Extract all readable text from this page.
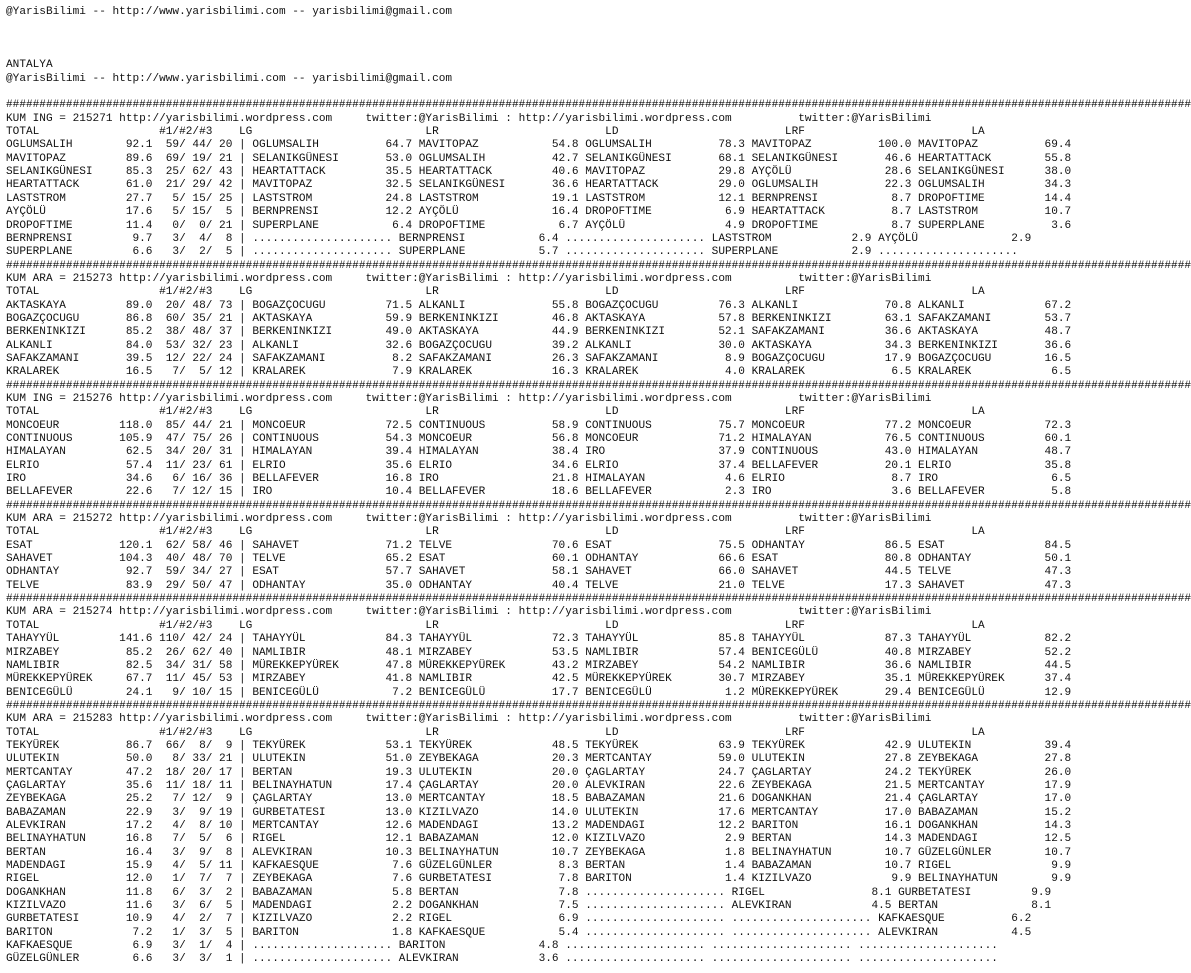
@YarisBilimi -- http://www.yarisbilimi.com -- yarisbilimi@gmail.com
ANTALYA
@YarisBilimi -- http://www.yarisbilimi.com -- yarisbilimi@gmail.com
##################################################################################################################################################################################
KUM ING = 215271 http://yarisbilimi.wordpress.com     twitter:@YarisBilimi : http://yarisbilimi.wordpress.com          twitter:@YarisBilimi
TOTAL                  #1/#2/#3    LG                          LR                         LD                         LRF                         LA
OGLUMSALIH        92.1  59/ 44/ 20 | OGLUMSALIH          64.7 MAVITOPAZ           54.8 OGLUMSALIH          78.3 MAVITOPAZ          100.0 MAVITOPAZ          69.4
MAVITOPAZ         89.6  69/ 19/ 21 | SELANIKGÜNESI       53.0 OGLUMSALIH          42.7 SELANIKGÜNESI       68.1 SELANIKGÜNESI       46.6 HEARTATTACK        55.8
SELANIKGÜNESI     85.3  25/ 62/ 43 | HEARTATTACK         35.5 HEARTATTACK         40.6 MAVITOPAZ           29.8 AYÇÖLÜ              28.6 SELANIKGÜNESI      38.0
HEARTATTACK       61.0  21/ 29/ 42 | MAVITOPAZ           32.5 SELANIKGÜNESI       36.6 HEARTATTACK         29.0 OGLUMSALIH          22.3 OGLUMSALIH         34.3
LASTSTROM         27.7   5/ 15/ 25 | LASTSTROM           24.8 LASTSTROM           19.1 LASTSTROM           12.1 BERNPRENSI           8.7 DROPOFTIME         14.4
AYÇÖLÜ            17.6   5/ 15/  5 | BERNPRENSI          12.2 AYÇÖLÜ              16.4 DROPOFTIME           6.9 HEARTATTACK          8.7 LASTSTROM          10.7
DROPOFTIME        11.4   0/  0/ 21 | SUPERPLANE           6.4 DROPOFTIME           6.7 AYÇÖLÜ               4.9 DROPOFTIME           8.7 SUPERPLANE          3.6
BERNPRENSI         9.7   3/  4/  8 | ..................... BERNPRENSI           6.4 ..................... LASTSTROM            2.9 AYÇÖLÜ              2.9
SUPERPLANE         6.6   3/  2/  5 | ..................... SUPERPLANE           5.7 ..................... SUPERPLANE           2.9 .....................
##################################################################################################################################################################################
KUM ARA = 215273 http://yarisbilimi.wordpress.com     twitter:@YarisBilimi : http://yarisbilimi.wordpress.com          twitter:@YarisBilimi
TOTAL                  #1/#2/#3    LG                          LR                         LD                         LRF                         LA
AKTASKAYA         89.0  20/ 48/ 73 | BOGAZÇOCUGU         71.5 ALKANLI             55.8 BOGAZÇOCUGU         76.3 ALKANLI             70.8 ALKANLI            67.2
BOGAZÇOCUGU       86.8  60/ 35/ 21 | AKTASKAYA           59.9 BERKENINKIZI        46.8 AKTASKAYA           57.8 BERKENINKIZI        63.1 SAFAKZAMANI        53.7
BERKENINKIZI      85.2  38/ 48/ 37 | BERKENINKIZI        49.0 AKTASKAYA           44.9 BERKENINKIZI        52.1 SAFAKZAMANI         36.6 AKTASKAYA          48.7
ALKANLI           84.0  53/ 32/ 23 | ALKANLI             32.6 BOGAZÇOCUGU         39.2 ALKANLI             30.0 AKTASKAYA           34.3 BERKENINKIZI       36.6
SAFAKZAMANI       39.5  12/ 22/ 24 | SAFAKZAMANI          8.2 SAFAKZAMANI         26.3 SAFAKZAMANI          8.9 BOGAZÇOCUGU         17.9 BOGAZÇOCUGU        16.5
KRALAREK          16.5   7/  5/ 12 | KRALAREK             7.9 KRALAREK            16.3 KRALAREK             4.0 KRALAREK             6.5 KRALAREK            6.5
##################################################################################################################################################################################
KUM ING = 215276 http://yarisbilimi.wordpress.com     twitter:@YarisBilimi : http://yarisbilimi.wordpress.com          twitter:@YarisBilimi
TOTAL                  #1/#2/#3    LG                          LR                         LD                         LRF                         LA
MONCOEUR         118.0  85/ 44/ 21 | MONCOEUR            72.5 CONTINUOUS          58.9 CONTINUOUS          75.7 MONCOEUR            77.2 MONCOEUR           72.3
CONTINUOUS       105.9  47/ 75/ 26 | CONTINUOUS          54.3 MONCOEUR            56.8 MONCOEUR            71.2 HIMALAYAN           76.5 CONTINUOUS         60.1
HIMALAYAN         62.5  34/ 20/ 31 | HIMALAYAN           39.4 HIMALAYAN           38.4 IRO                 37.9 CONTINUOUS          43.0 HIMALAYAN          48.7
ELRIO             57.4  11/ 23/ 61 | ELRIO               35.6 ELRIO               34.6 ELRIO               37.4 BELLAFEVER          20.1 ELRIO              35.8
IRO               34.6   6/ 16/ 36 | BELLAFEVER          16.8 IRO                 21.8 HIMALAYAN            4.6 ELRIO                8.7 IRO                 6.5
BELLAFEVER        22.6   7/ 12/ 15 | IRO                 10.4 BELLAFEVER          18.6 BELLAFEVER           2.3 IRO                  3.6 BELLAFEVER          5.8
##################################################################################################################################################################################
KUM ARA = 215272 http://yarisbilimi.wordpress.com     twitter:@YarisBilimi : http://yarisbilimi.wordpress.com          twitter:@YarisBilimi
TOTAL                  #1/#2/#3    LG                          LR                         LD                         LRF                         LA
ESAT             120.1  62/ 58/ 46 | SAHAVET             71.2 TELVE               70.6 ESAT                75.5 ODHANTAY            86.5 ESAT               84.5
SAHAVET          104.3  40/ 48/ 70 | TELVE               65.2 ESAT                60.1 ODHANTAY            66.6 ESAT                80.8 ODHANTAY           50.1
ODHANTAY          92.7  59/ 34/ 27 | ESAT                57.7 SAHAVET             58.1 SAHAVET             66.0 SAHAVET             44.5 TELVE              47.3
TELVE             83.9  29/ 50/ 47 | ODHANTAY            35.0 ODHANTAY            40.4 TELVE               21.0 TELVE               17.3 SAHAVET            47.3
##################################################################################################################################################################################
KUM ARA = 215274 http://yarisbilimi.wordpress.com     twitter:@YarisBilimi : http://yarisbilimi.wordpress.com          twitter:@YarisBilimi
TOTAL                  #1/#2/#3    LG                          LR                         LD                         LRF                         LA
TAHAYYÜL         141.6 110/ 42/ 24 | TAHAYYÜL            84.3 TAHAYYÜL            72.3 TAHAYYÜL            85.8 TAHAYYÜL            87.3 TAHAYYÜL           82.2
MIRZABEY          85.2  26/ 62/ 40 | NAMLIBIR            48.1 MIRZABEY            53.5 NAMLIBIR            57.4 BENICEGÜLÜ          40.8 MIRZABEY           52.2
NAMLIBIR          82.5  34/ 31/ 58 | MÜREKKEPYÜREK       47.8 MÜREKKEPYÜREK       43.2 MIRZABEY            54.2 NAMLIBIR            36.6 NAMLIBIR           44.5
MÜREKKEPYÜREK     67.7  11/ 45/ 53 | MIRZABEY            41.8 NAMLIBIR            42.5 MÜREKKEPYÜREK       30.7 MIRZABEY            35.1 MÜREKKEPYÜREK      37.4
BENICEGÜLÜ        24.1   9/ 10/ 15 | BENICEGÜLÜ           7.2 BENICEGÜLÜ          17.7 BENICEGÜLÜ           1.2 MÜREKKEPYÜREK       29.4 BENICEGÜLÜ         12.9
##################################################################################################################################################################################
KUM ARA = 215283 http://yarisbilimi.wordpress.com     twitter:@YarisBilimi : http://yarisbilimi.wordpress.com          twitter:@YarisBilimi
TOTAL                  #1/#2/#3    LG                          LR                         LD                         LRF                         LA
TEKYÜREK          86.7  66/  8/  9 | TEKYÜREK            53.1 TEKYÜREK            48.5 TEKYÜREK            63.9 TEKYÜREK            42.9 ULUTEKIN           39.4
ULUTEKIN          50.0   8/ 33/ 21 | ULUTEKIN            51.0 ZEYBEKAGA           20.3 MERTCANTAY          59.0 ULUTEKIN            27.8 ZEYBEKAGA          27.8
MERTCANTAY        47.2  18/ 20/ 17 | BERTAN              19.3 ULUTEKIN            20.0 ÇAGLARTAY           24.7 ÇAGLARTAY           24.2 TEKYÜREK           26.0
ÇAGLARTAY         35.6  11/ 18/ 11 | BELINAYHATUN        17.4 ÇAGLARTAY           20.0 ALEVKIRAN           22.6 ZEYBEKAGA           21.5 MERTCANTAY         17.9
ZEYBEKAGA         25.2   7/ 12/  9 | ÇAGLARTAY           13.0 MERTCANTAY          18.5 BABAZAMAN           21.6 DOGANKHAN           21.4 ÇAGLARTAY          17.0
BABAZAMAN         22.9   3/  9/ 19 | GURBETATESI         13.0 KIZILVAZO           14.0 ULUTEKIN            17.6 MERTCANTAY          17.0 BABAZAMAN          15.2
ALEVKIRAN         17.2   4/  8/ 10 | MERTCANTAY          12.6 MADENDAGI           13.2 MADENDAGI           12.2 BARITON             16.1 DOGANKHAN          14.3
BELINAYHATUN      16.8   7/  5/  6 | RIGEL               12.1 BABAZAMAN           12.0 KIZILVAZO            2.9 BERTAN              14.3 MADENDAGI          12.5
BERTAN            16.4   3/  9/  8 | ALEVKIRAN           10.3 BELINAYHATUN        10.7 ZEYBEKAGA            1.8 BELINAYHATUN        10.7 GÜZELGÜNLER        10.7
MADENDAGI         15.9   4/  5/ 11 | KAFKAESQUE           7.6 GÜZELGÜNLER          8.3 BERTAN               1.4 BABAZAMAN           10.7 RIGEL               9.9
RIGEL             12.0   1/  7/  7 | ZEYBEKAGA            7.6 GURBETATESI          7.8 BARITON              1.4 KIZILVAZO            9.9 BELINAYHATUN        9.9
DOGANKHAN         11.8   6/  3/  2 | BABAZAMAN            5.8 BERTAN               7.8 ..................... RIGEL                8.1 GURBETATESI         9.9
KIZILVAZO         11.6   3/  6/  5 | MADENDAGI            2.2 DOGANKHAN            7.5 ..................... ALEVKIRAN            4.5 BERTAN              8.1
GURBETATESI       10.9   4/  2/  7 | KIZILVAZO            2.2 RIGEL                6.9 ..................... ..................... KAFKAESQUE          6.2
BARITON            7.2   1/  3/  5 | BARITON              1.8 KAFKAESQUE           5.4 ..................... ..................... ALEVKIRAN           4.5
KAFKAESQUE         6.9   3/  1/  4 | ..................... BARITON              4.8 ..................... ..................... .....................
GÜZELGÜNLER        6.6   3/  3/  1 | ..................... ALEVKIRAN            3.6 ..................... ..................... .....................
